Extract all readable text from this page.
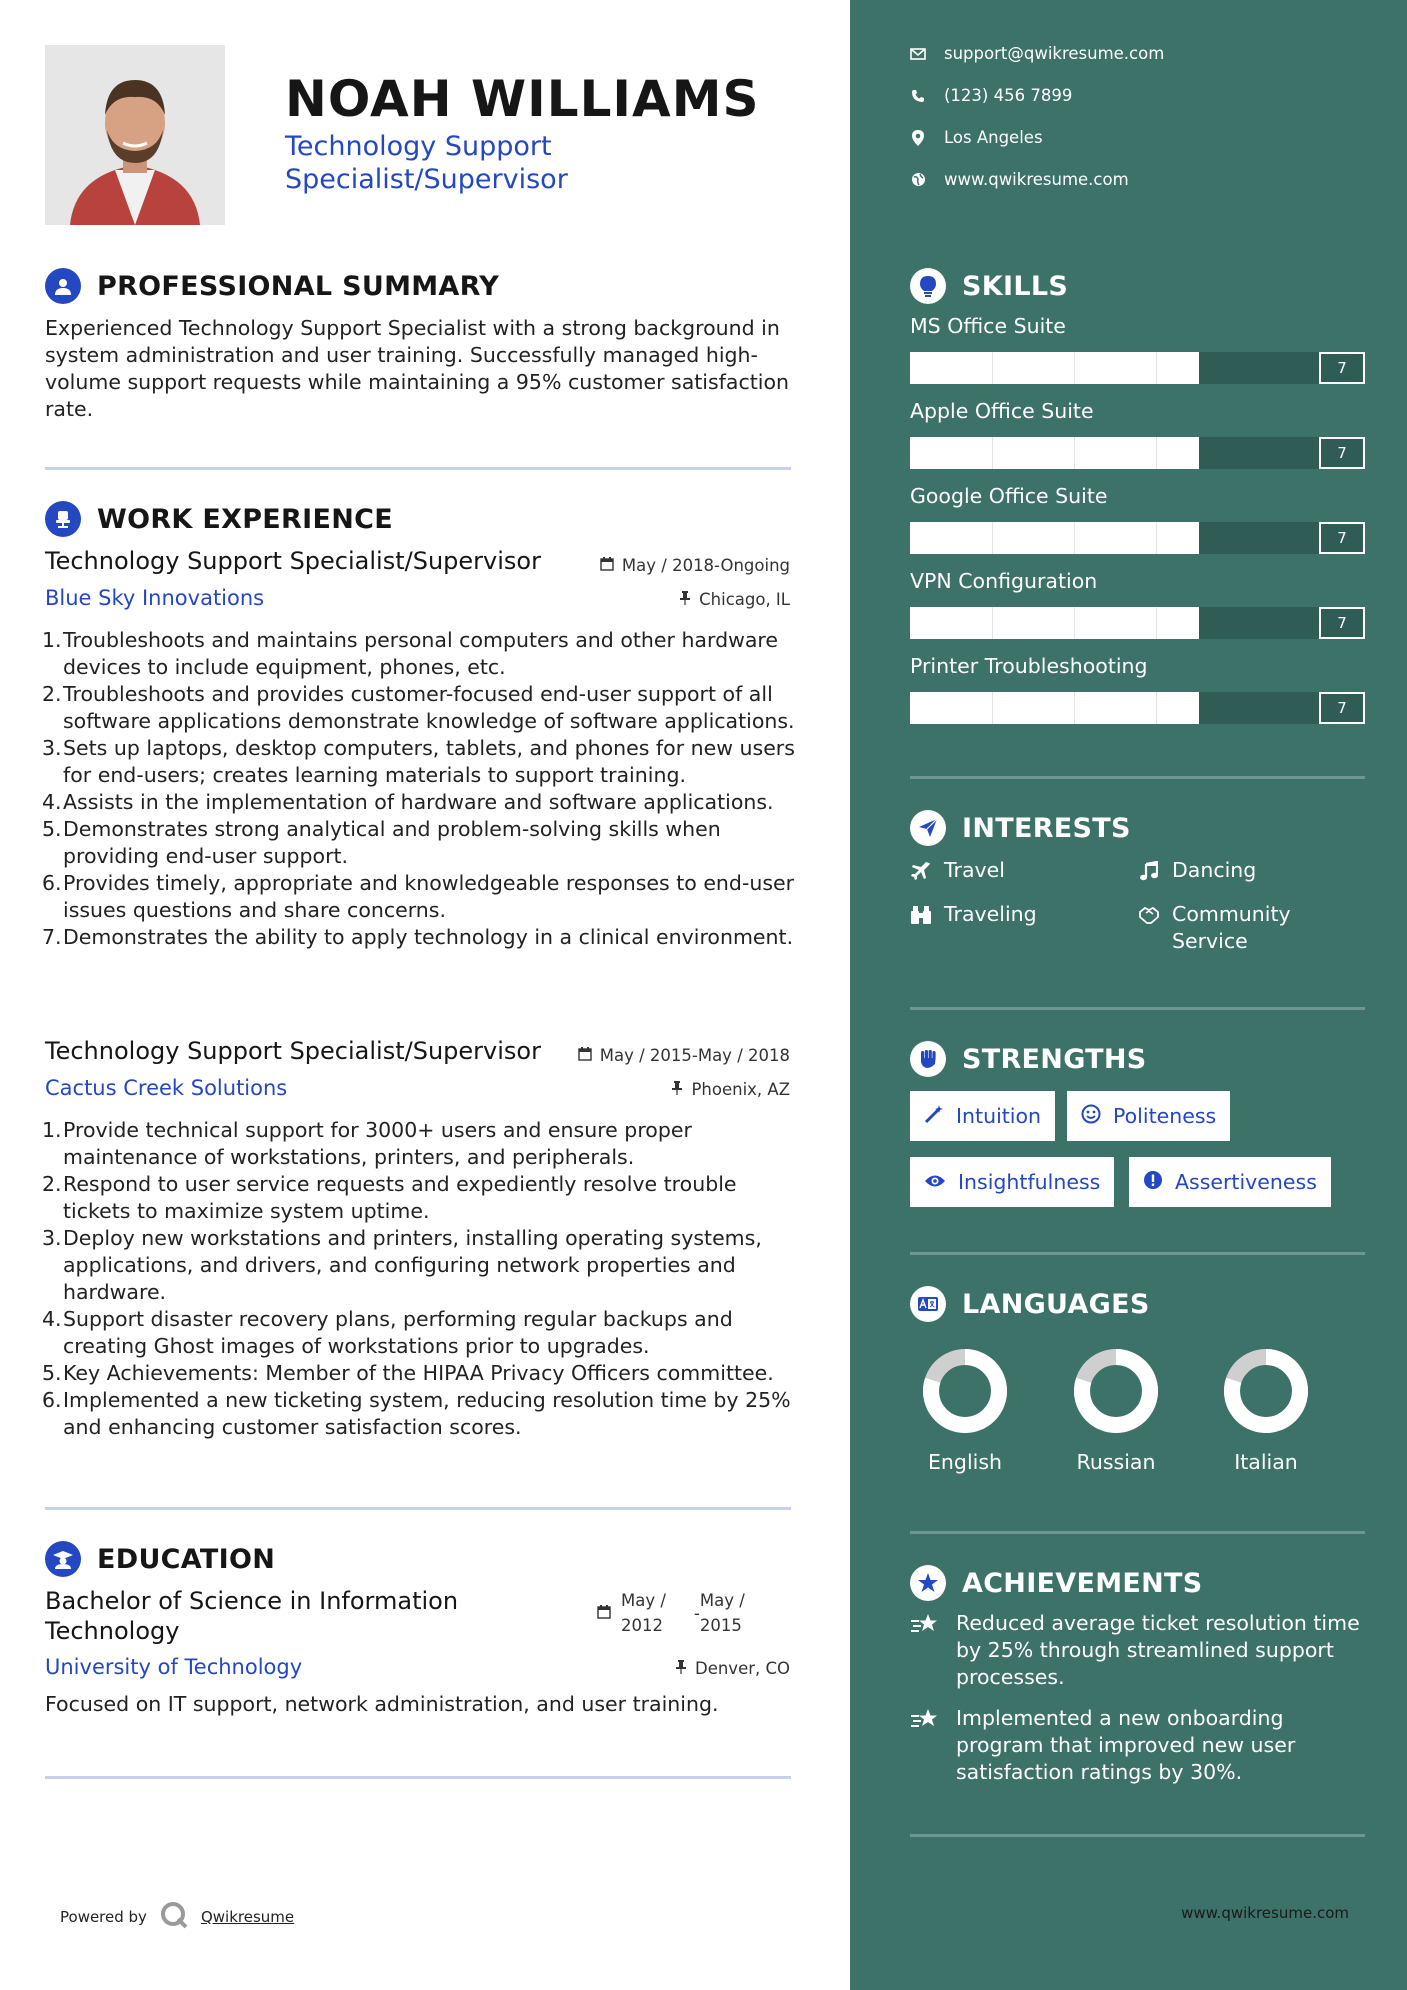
NOAH WILLIAMS
Technology Support Specialist/Supervisor
PROFESSIONAL SUMMARY
Experienced Technology Support Specialist with a strong background in system administration and user training. Successfully managed high-volume support requests while maintaining a 95% customer satisfaction rate.
WORK EXPERIENCE
Technology Support Specialist/Supervisor	May / 2018-Ongoing
Blue Sky Innovations	Chicago, IL
1. Troubleshoots and maintains personal computers and other hardware devices to include equipment, phones, etc.
2. Troubleshoots and provides customer-focused end-user support of all software applications demonstrate knowledge of software applications.
3. Sets up laptops, desktop computers, tablets, and phones for new users for end-users; creates learning materials to support training.
4. Assists in the implementation of hardware and software applications.
5. Demonstrates strong analytical and problem-solving skills when providing end-user support.
6. Provides timely, appropriate and knowledgeable responses to end-user issues questions and share concerns.
7. Demonstrates the ability to apply technology in a clinical environment.
Technology Support Specialist/Supervisor	May / 2015-May / 2018
Cactus Creek Solutions	Phoenix, AZ
1. Provide technical support for 3000+ users and ensure proper maintenance of workstations, printers, and peripherals.
2. Respond to user service requests and expediently resolve trouble tickets to maximize system uptime.
3. Deploy new workstations and printers, installing operating systems, applications, and drivers, and configuring network properties and hardware.
4. Support disaster recovery plans, performing regular backups and creating Ghost images of workstations prior to upgrades.
5. Key Achievements: Member of the HIPAA Privacy Officers committee.
6. Implemented a new ticketing system, reducing resolution time by 25% and enhancing customer satisfaction scores.
EDUCATION
Bachelor of Science in Information Technology
May /
2012
-
May /
2015
University of Technology	Denver, CO
Focused on IT support, network administration, and user training.
Powered by	Qwikresume
support@qwikresume.com
(123) 456 7899
Los Angeles
www.qwikresume.com
SKILLS
MS Office Suite
7
Apple Office Suite
7
Google Office Suite
7
VPN Configuration
7
Printer Troubleshooting
7
INTERESTS
Travel	Dancing
Traveling	Community Service
STRENGTHS
Intuition	Politeness
Insightfulness	Assertiveness
LANGUAGES
English	Russian	Italian
ACHIEVEMENTS
Reduced average ticket resolution time by 25% through streamlined support processes.
Implemented a new onboarding program that improved new user satisfaction ratings by 30%.
www.qwikresume.com
